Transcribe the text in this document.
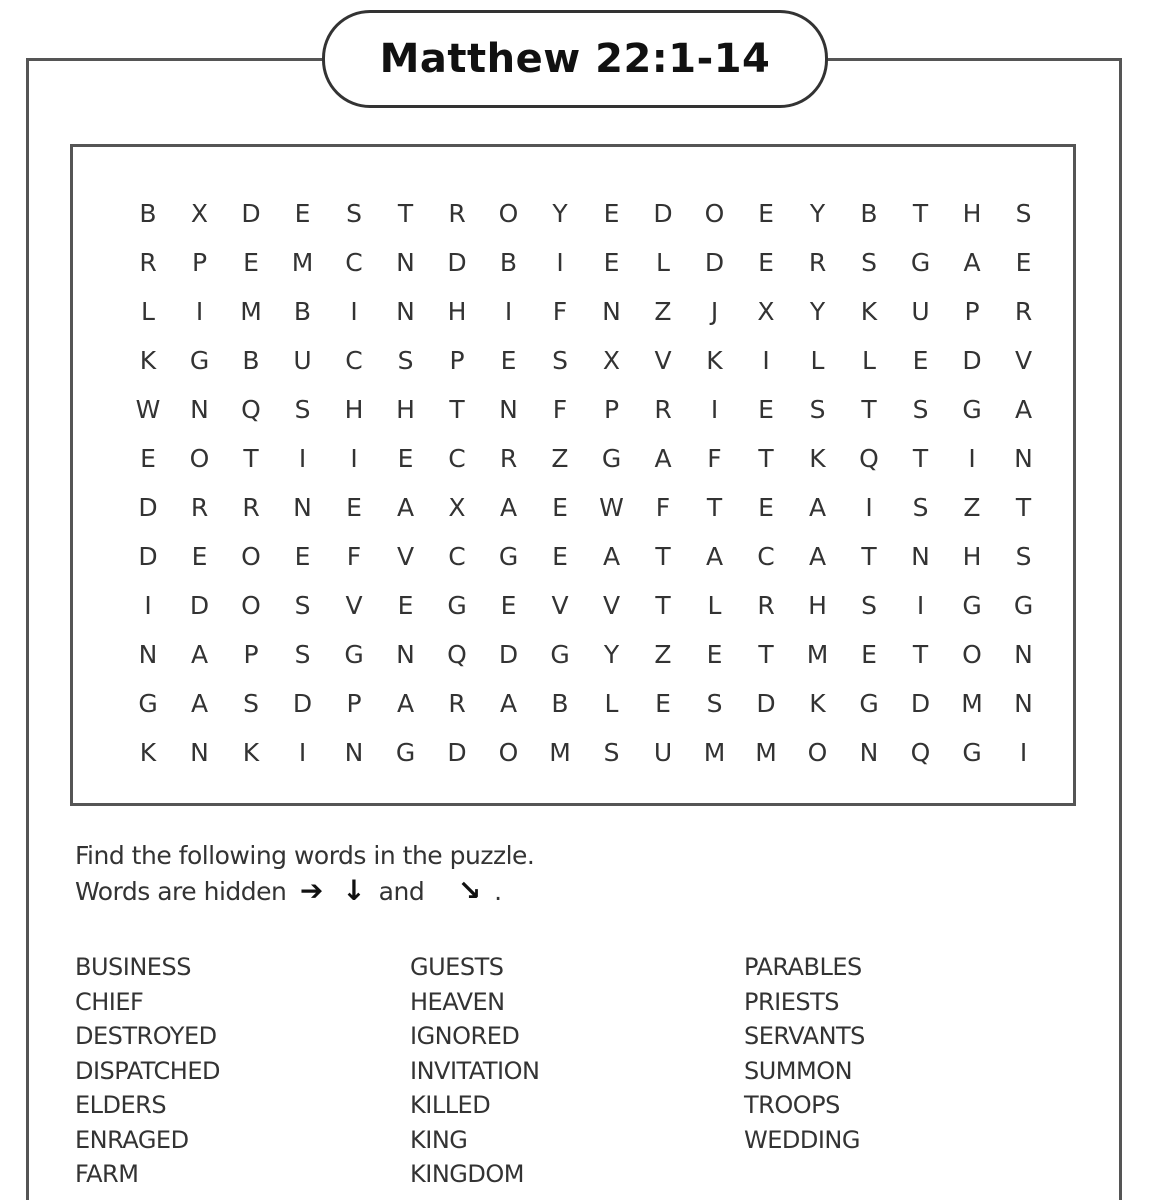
Matthew 22:1-14
B X D E S T R O Y E D O E Y B T H S
R P E M C N D B	I	E	L	D E R S G A E
L	I	M B	I	N H	I	F	N Z	J	X Y K U P R
K G B U C S P E S X V K	I	L	L	E D V
W N Q S H H T N	F	P R	I	E S T S G A
E O T	I	I	E C R Z G A	F	T K Q T	I	N
D R R N E A X A E W	F	T E A	I	S Z T
D E O E	F	V C G E A T A C A T N H S
I	D O S V E G E V V T	L	R H S	I	G G
N A P S G N Q D G Y Z E T M E T O N
G A S D P A R A B	L	E S D K G D M N
K N K	I	N G D O M S U M M O N Q G	I
Find the following words in the puzzle.
Words are hidden ➔ ↓ and ↘ .
BUSINESS
CHIEF
DESTROYED
DISPATCHED
ELDERS
ENRAGED
FARM
GUESTS
HEAVEN
IGNORED
INVITATION
KILLED
KING
KINGDOM
PARABLES
PRIESTS
SERVANTS
SUMMON
TROOPS
WEDDING
